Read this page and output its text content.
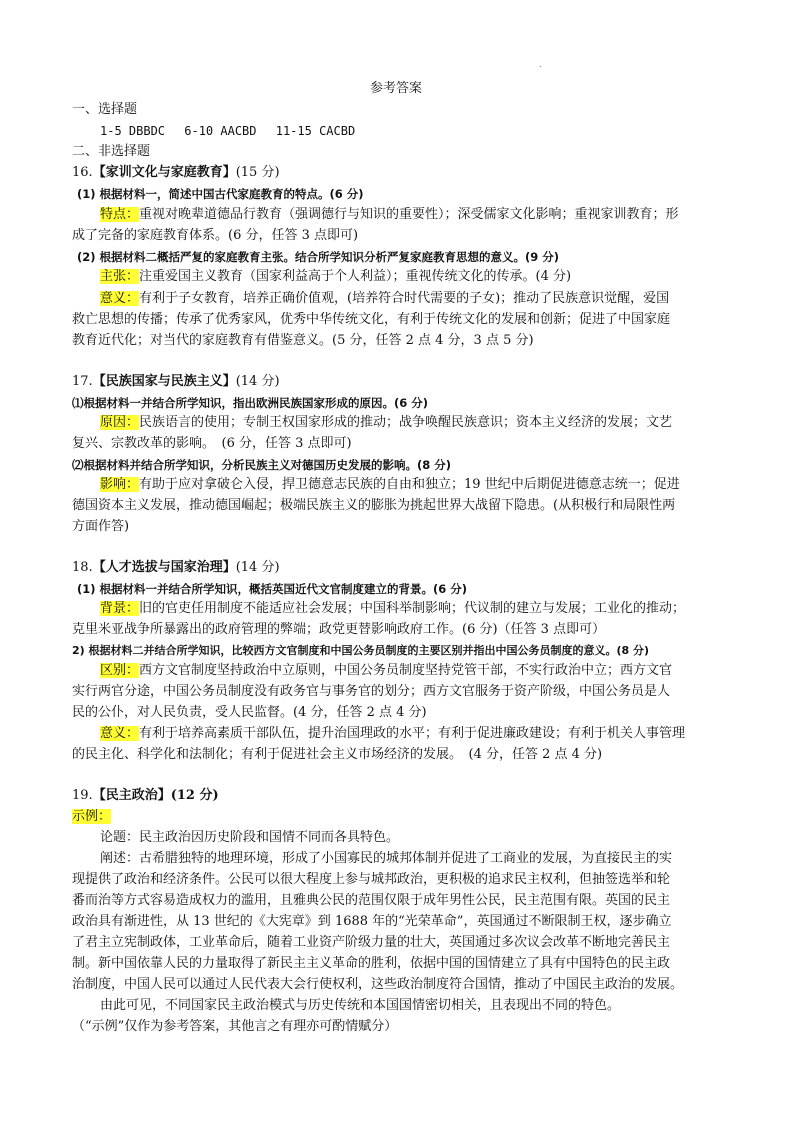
.
参考答案
一、选择题
1-5 DBBDC　 6-10 AACBD　 11-15 CACBD
二、非选择题
16.【家训文化与家庭教育】(15 分)
(1) 根据材料一，简述中国古代家庭教育的特点。(6 分)
特点：重视对晚辈道德品行教育（强调德行与知识的重要性）；深受儒家文化影响；重视家训教育；形
成了完备的家庭教育体系。(6 分，任答 3 点即可)
(2) 根据材料二概括严复的家庭教育主张。结合所学知识分析严复家庭教育思想的意义。(9 分)
主张：注重爱国主义教育（国家利益高于个人利益）；重视传统文化的传承。(4 分)
意义：有利于子女教育，培养正确价值观，(培养符合时代需要的子女)；推动了民族意识觉醒，爱国
救亡思想的传播；传承了优秀家风，优秀中华传统文化，有利于传统文化的发展和创新；促进了中国家庭
教育近代化；对当代的家庭教育有借鉴意义。(5 分，任答 2 点 4 分，3 点 5 分)
17.【民族国家与民族主义】(14 分)
⑴根据材料一并结合所学知识，指出欧洲民族国家形成的原因。(6 分)
原因：民族语言的使用；专制王权国家形成的推动；战争唤醒民族意识；资本主义经济的发展；文艺
复兴、宗教改革的影响。　(6 分，任答 3 点即可)
⑵根据材料并结合所学知识，分析民族主义对德国历史发展的影响。(8 分)
影响：有助于应对拿破仑入侵，捍卫德意志民族的自由和独立；19 世纪中后期促进德意志统一；促进
德国资本主义发展，推动德国崛起；极端民族主义的膨胀为挑起世界大战留下隐患。(从积极行和局限性两
方面作答)
18.【人才选拔与国家治理】(14 分)
(1) 根据材料一并结合所学知识，概括英国近代文官制度建立的背景。(6 分)
背景：旧的官吏任用制度不能适应社会发展；中国科举制影响；代议制的建立与发展；工业化的推动；
克里米亚战争所暴露出的政府管理的弊端；政党更替影响政府工作。(6 分)（任答 3 点即可）
2) 根据材料二并结合所学知识，比较西方文官制度和中国公务员制度的主要区别并指出中国公务员制度的意义。(8 分)
区别：西方文官制度坚持政治中立原则，中国公务员制度坚持党管干部，不实行政治中立；西方文官
实行两官分途，中国公务员制度没有政务官与事务官的划分；西方文官服务于资产阶级，中国公务员是人
民的公仆，对人民负责，受人民监督。(4 分，任答 2 点 4 分)
意义：有利于培养高素质干部队伍，提升治国理政的水平；有利于促进廉政建设；有利于机关人事管理
的民主化、科学化和法制化；有利于促进社会主义市场经济的发展。　(4 分，任答 2 点 4 分)
19.【民主政治】(12 分)
示例：
论题：民主政治因历史阶段和国情不同而各具特色。
阐述：古希腊独特的地理环境，形成了小国寡民的城邦体制并促进了工商业的发展，为直接民主的实
现提供了政治和经济条件。公民可以很大程度上参与城邦政治，更积极的追求民主权利，但抽签选举和轮
番而治等方式容易造成权力的滥用，且雅典公民的范围仅限于成年男性公民，民主范围有限。英国的民主
政治具有渐进性，从 13 世纪的《大宪章》到 1688 年的“光荣革命”，英国通过不断限制王权，逐步确立
了君主立宪制政体，工业革命后，随着工业资产阶级力量的壮大，英国通过多次议会改革不断地完善民主
制。新中国依靠人民的力量取得了新民主主义革命的胜利，依据中国的国情建立了具有中国特色的民主政
治制度，中国人民可以通过人民代表大会行使权利，这些政治制度符合国情，推动了中国民主政治的发展。
由此可见，不同国家民主政治模式与历史传统和本国国情密切相关，且表现出不同的特色。
（“示例”仅作为参考答案，其他言之有理亦可酌情赋分）
